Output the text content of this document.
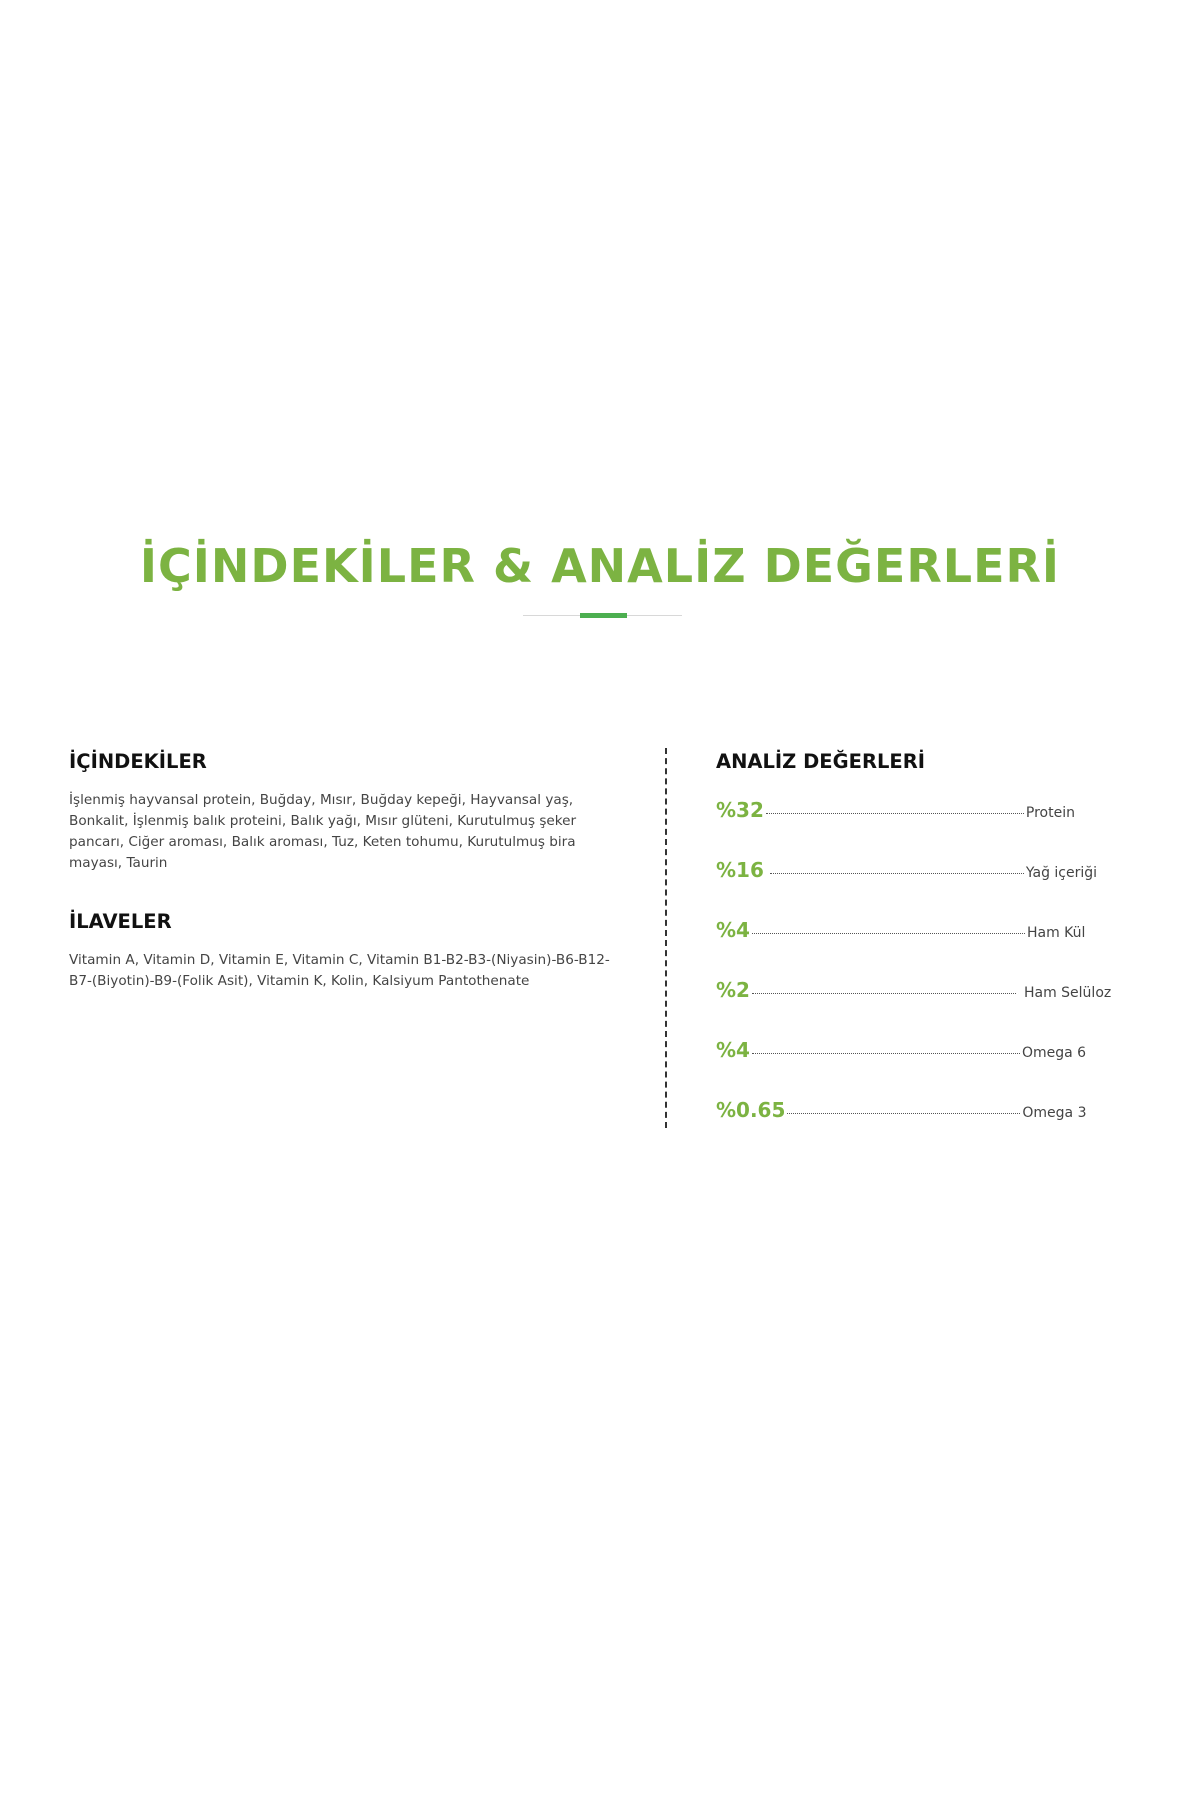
İÇİNDEKİLER & ANALİZ DEĞERLERİ
İÇİNDEKİLER

İşlenmiş hayvansal protein, Buğday, Mısır, Buğday kepeği, Hayvansal yaş, Bonkalit, İşlenmiş balık proteini, Balık yağı, Mısır glüteni, Kurutulmuş şeker pancarı, Ciğer aroması, Balık aroması, Tuz, Keten tohumu, Kurutulmuş bira mayası, Taurin

İLAVELER

Vitamin A, Vitamin D, Vitamin E, Vitamin C, Vitamin B1-B2-B3-(Niyasin)-B6-B12-B7-(Biyotin)-B9-(Folik Asit), Vitamin K, Kolin, Kalsiyum Pantothenate

ANALİZ DEĞERLERİ
%32	Protein
%16	Yağ içeriği
%4	Ham Kül
%2	Ham Selüloz
%4	Omega 6
%0.65	Omega 3
